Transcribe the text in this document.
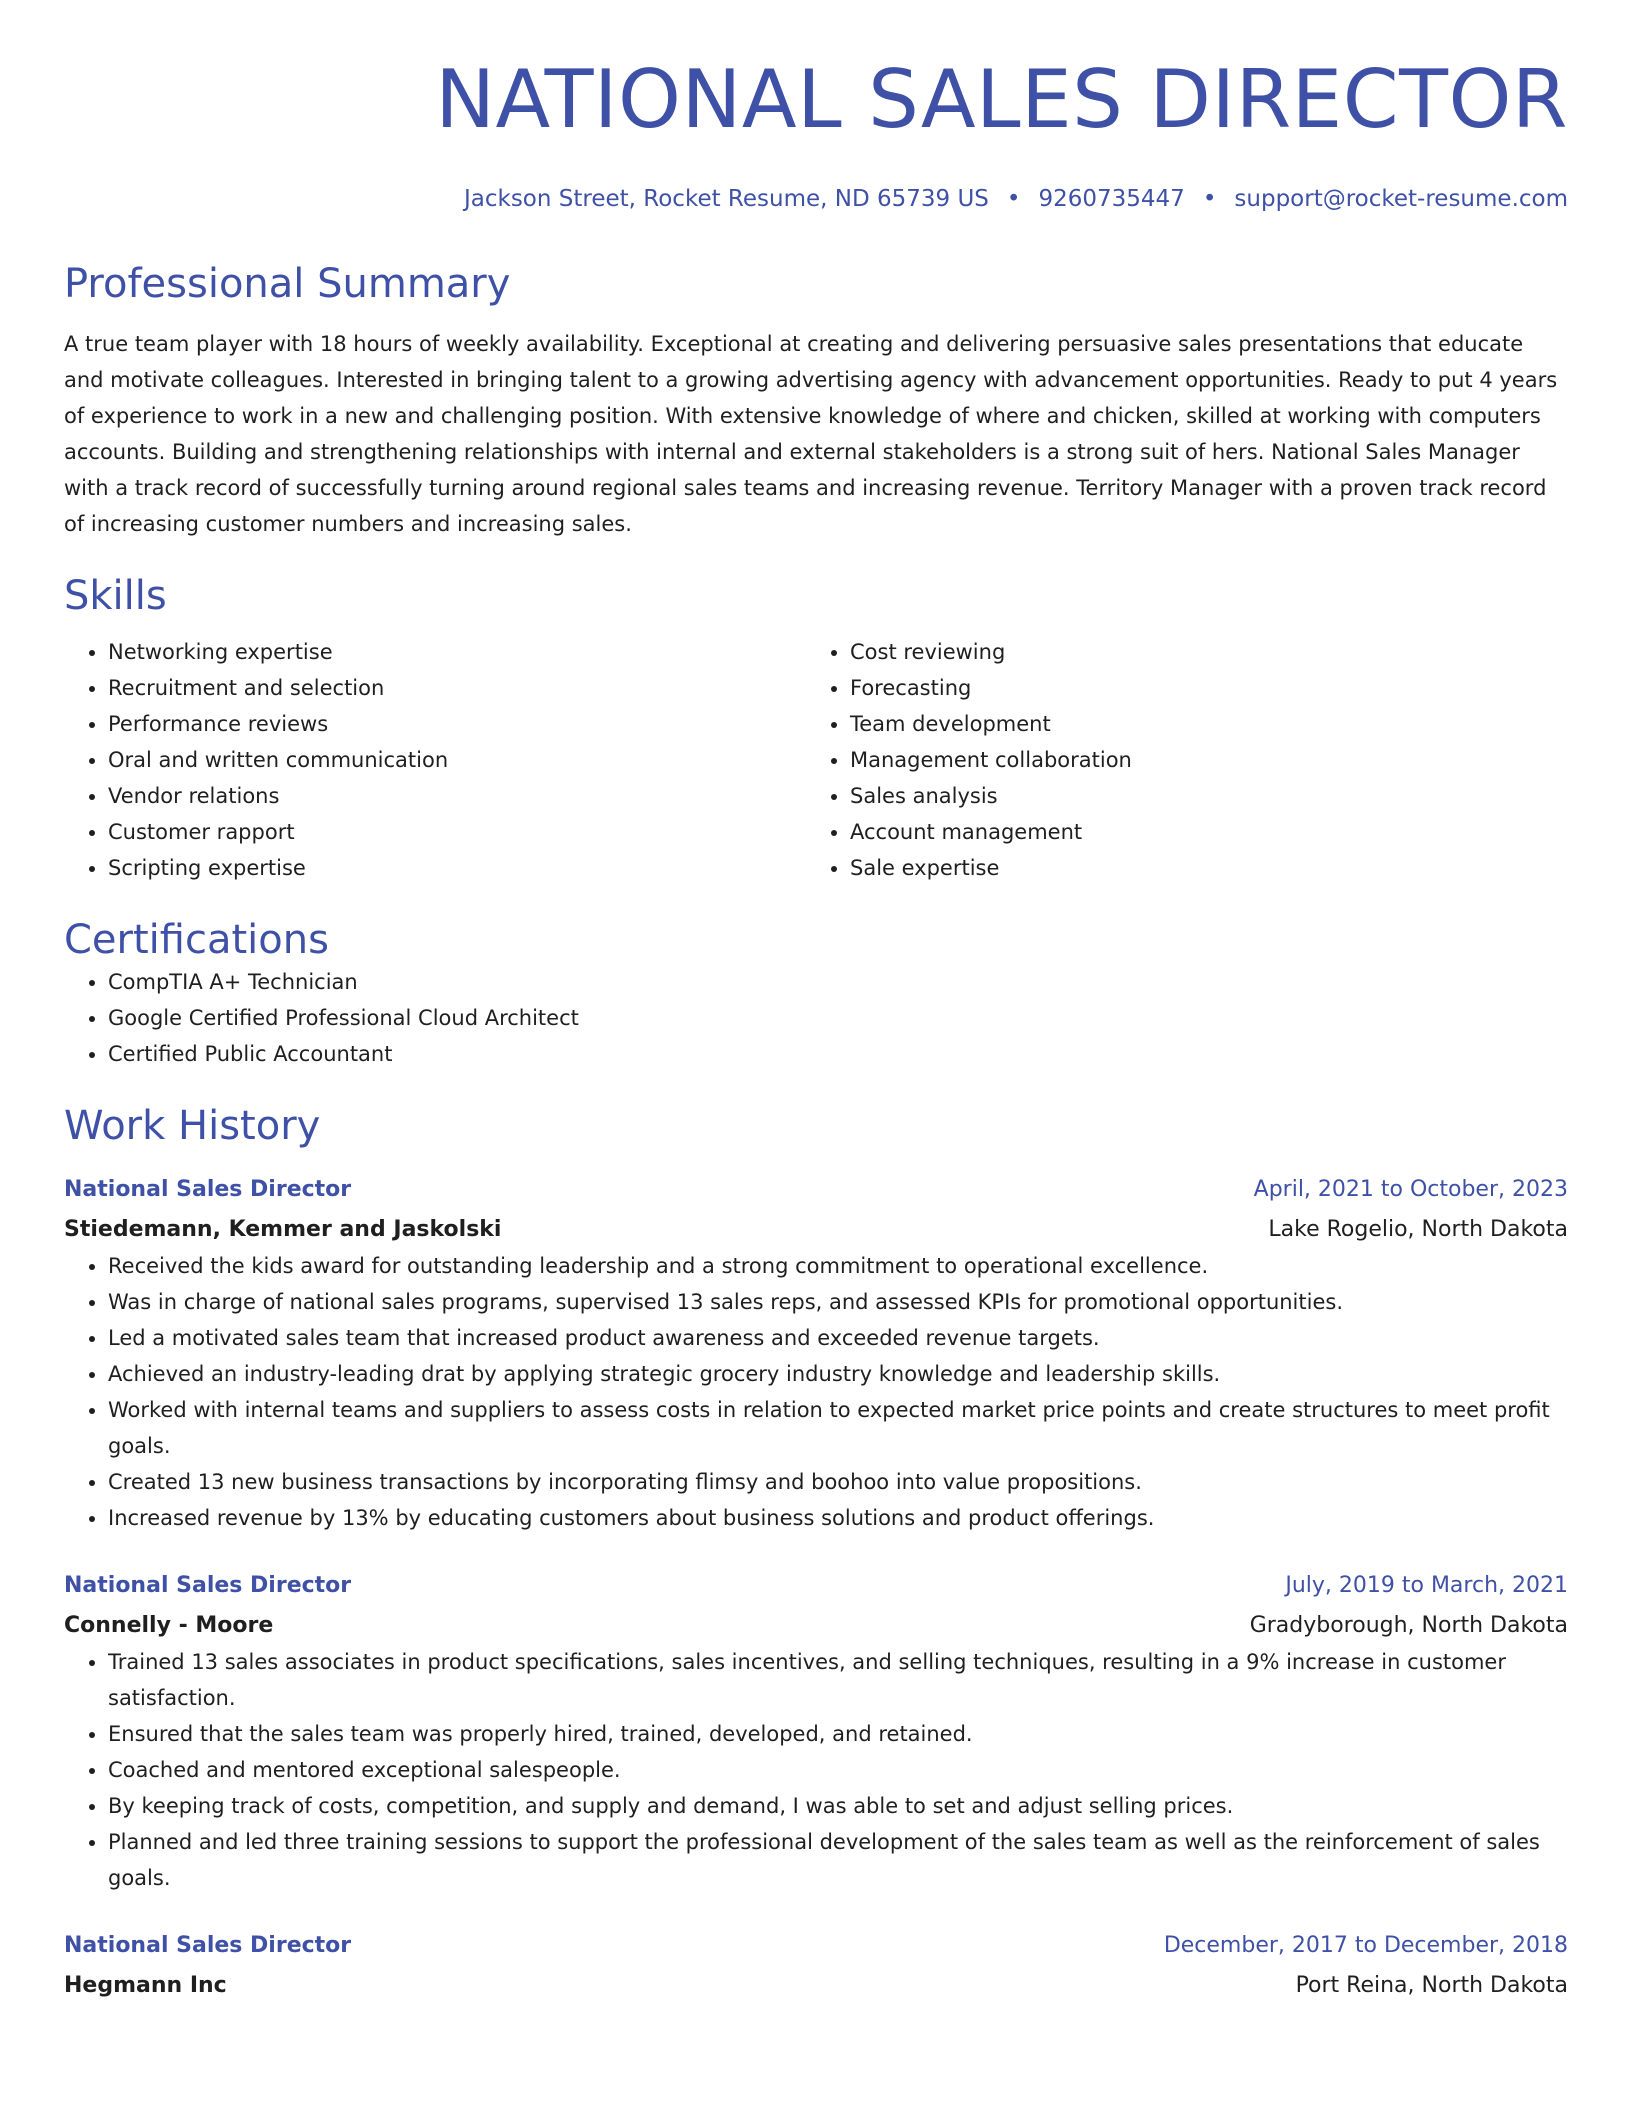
NATIONAL SALES DIRECTOR
Jackson Street, Rocket Resume, ND 65739 US • 9260735447 • support@rocket-resume.com
Professional Summary

A true team player with 18 hours of weekly availability. Exceptional at creating and delivering persuasive sales presentations that educate and motivate colleagues. Interested in bringing talent to a growing advertising agency with advancement opportunities. Ready to put 4 years of experience to work in a new and challenging position. With extensive knowledge of where and chicken, skilled at working with computers accounts. Building and strengthening relationships with internal and external stakeholders is a strong suit of hers. National Sales Manager with a track record of successfully turning around regional sales teams and increasing revenue. Territory Manager with a proven track record of increasing customer numbers and increasing sales.

Skills
• Networking expertise
• Recruitment and selection
• Performance reviews
• Oral and written communication
• Vendor relations
• Customer rapport
• Scripting expertise
• Cost reviewing
• Forecasting
• Team development
• Management collaboration
• Sales analysis
• Account management
• Sale expertise
Certifications
• CompTIA A+ Technician
• Google Certified Professional Cloud Architect
• Certified Public Accountant
Work History
National Sales Director	April, 2021 to October, 2023
Stiedemann, Kemmer and Jaskolski	Lake Rogelio, North Dakota
• Received the kids award for outstanding leadership and a strong commitment to operational excellence.
• Was in charge of national sales programs, supervised 13 sales reps, and assessed KPIs for promotional opportunities.
• Led a motivated sales team that increased product awareness and exceeded revenue targets.
• Achieved an industry-leading drat by applying strategic grocery industry knowledge and leadership skills.
• Worked with internal teams and suppliers to assess costs in relation to expected market price points and create structures to meet profit goals.
• Created 13 new business transactions by incorporating flimsy and boohoo into value propositions.
• Increased revenue by 13% by educating customers about business solutions and product offerings.
National Sales Director	July, 2019 to March, 2021
Connelly - Moore	Gradyborough, North Dakota
• Trained 13 sales associates in product specifications, sales incentives, and selling techniques, resulting in a 9% increase in customer satisfaction.
• Ensured that the sales team was properly hired, trained, developed, and retained.
• Coached and mentored exceptional salespeople.
• By keeping track of costs, competition, and supply and demand, I was able to set and adjust selling prices.
• Planned and led three training sessions to support the professional development of the sales team as well as the reinforcement of sales goals.
National Sales Director	December, 2017 to December, 2018
Hegmann Inc	Port Reina, North Dakota
